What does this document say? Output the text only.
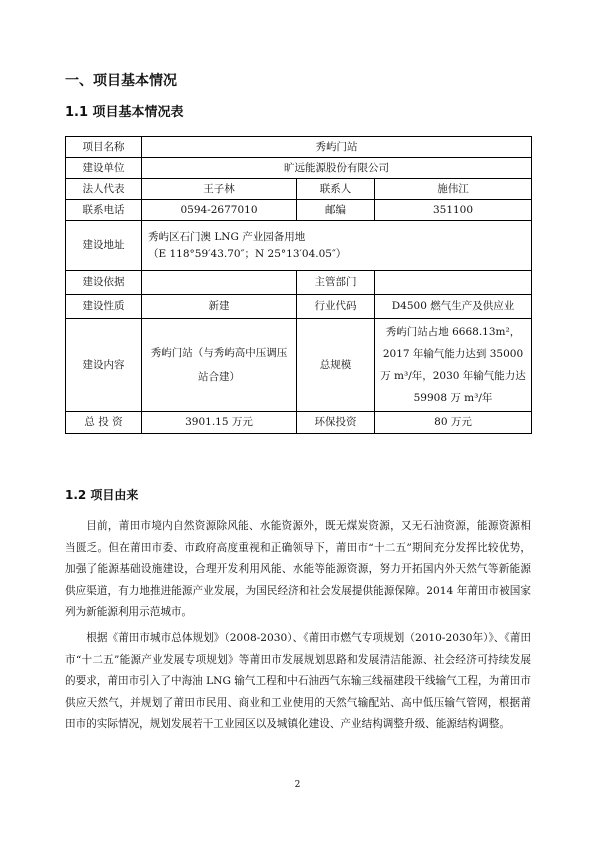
一、项目基本情况
1.1 项目基本情况表
项目名称	秀屿门站		
建设单位	旷远能源股份有限公司		
法人代表	王子林	联系人	施伟江
联系电话	0594-2677010	邮编	351100
建设地址	秀屿区石门澳 LNG 产业园备用地
（E 118°59′43.70″；N 25°13′04.05″）		

建设依据		主管部门	
建设性质	新建	行业代码	D4500 燃气生产及供应业
建设内容	秀屿门站（与秀屿高中压调压站合建）	总规模	秀屿门站占地 6668.13m²，
2017 年输气能力达到 35000
万 m³/年，2030 年输气能力达
59908 万 m³/年

总 投 资	3901.15 万元	环保投资	80 万元
1.2 项目由来

目前，莆田市境内自然资源除风能、水能资源外，既无煤炭资源，又无石油资源，能源资源相当匮乏。但在莆田市委、市政府高度重视和正确领导下，莆田市“十二五”期间充分发挥比较优势，加强了能源基础设施建设，合理开发利用风能、水能等能源资源，努力开拓国内外天然气等新能源供应渠道，有力地推进能源产业发展，为国民经济和社会发展提供能源保障。2014 年莆田市被国家列为新能源利用示范城市。

根据《莆田市城市总体规划》（2008-2030）、《莆田市燃气专项规划（2010-2030年）》、《莆田市“十二五”能源产业发展专项规划》等莆田市发展规划思路和发展清洁能源、社会经济可持续发展的要求，莆田市引入了中海油 LNG 输气工程和中石油西气东输三线福建段干线输气工程，为莆田市供应天然气，并规划了莆田市民用、商业和工业使用的天然气输配站、高中低压输气管网，根据莆田市的实际情况，规划发展若干工业园区以及城镇化建设、产业结构调整升级、能源结构调整。

2
